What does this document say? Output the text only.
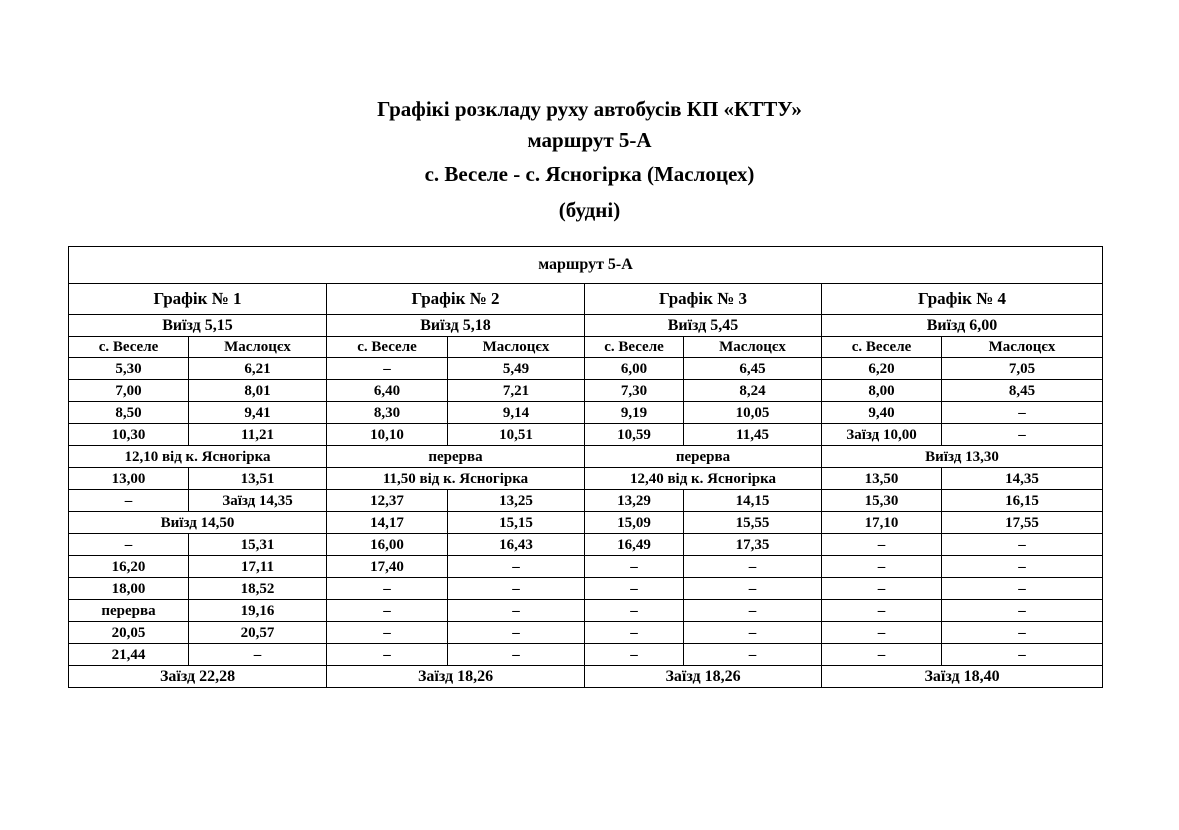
Графікі розкладу руху автобусів КП «КТТУ»
маршрут 5-А
с. Веселе - с. Ясногірка (Маслоцех)
(будні)
маршрут 5-А							
Графік № 1		Графік № 2		Графік № 3		Графік № 4	
Виїзд 5,15		Виїзд 5,18		Виїзд 5,45		Виїзд 6,00	
с. Веселе	Маслоцєх	с. Веселе	Маслоцєх	с. Веселе	Маслоцєх	с. Веселе	Маслоцєх
5,30	6,21	–	5,49	6,00	6,45	6,20	7,05
7,00	8,01	6,40	7,21	7,30	8,24	8,00	8,45
8,50	9,41	8,30	9,14	9,19	10,05	9,40	–
10,30	11,21	10,10	10,51	10,59	11,45	Заїзд 10,00	–
12,10 від к. Ясногірка		перерва		перерва		Виїзд 13,30	
13,00	13,51	11,50 від к. Ясногірка		12,40 від к. Ясногірка		13,50	14,35
–	Заїзд 14,35	12,37	13,25	13,29	14,15	15,30	16,15
Виїзд 14,50		14,17	15,15	15,09	15,55	17,10	17,55
–	15,31	16,00	16,43	16,49	17,35	–	–
16,20	17,11	17,40	–	–	–	–	–
18,00	18,52	–	–	–	–	–	–
перерва	19,16	–	–	–	–	–	–
20,05	20,57	–	–	–	–	–	–
21,44	–	–	–	–	–	–	–
Заїзд 22,28		Заїзд 18,26		Заїзд 18,26		Заїзд 18,40	
